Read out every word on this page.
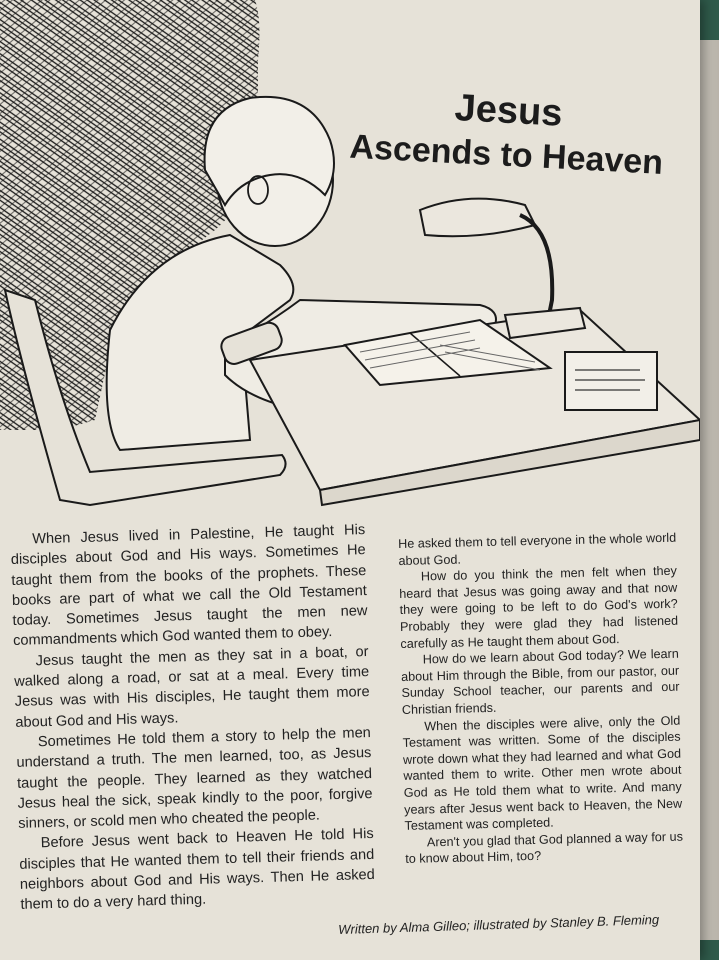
Jesus
Ascends to Heaven

When Jesus lived in Palestine, He taught His disciples about God and His ways. Sometimes He taught them from the books of the prophets. These books are part of what we call the Old Testament today. Sometimes Jesus taught the men new commandments which God wanted them to obey.

Jesus taught the men as they sat in a boat, or walked along a road, or sat at a meal. Every time Jesus was with His disciples, He taught them more about God and His ways.

Sometimes He told them a story to help the men understand a truth. The men learned, too, as Jesus taught the people. They learned as they watched Jesus heal the sick, speak kindly to the poor, forgive sinners, or scold men who cheated the people.

Before Jesus went back to Heaven He told His disciples that He wanted them to tell their friends and neighbors about God and His ways. Then He asked them to do a very hard thing.

He asked them to tell everyone in the whole world about God.

How do you think the men felt when they heard that Jesus was going away and that now they were going to be left to do God's work? Probably they were glad they had listened carefully as He taught them about God.

How do we learn about God today? We learn about Him through the Bible, from our pastor, our Sunday School teacher, our parents and our Christian friends.

When the disciples were alive, only the Old Testament was written. Some of the disciples wrote down what they had learned and what God wanted them to write. Other men wrote about God as He told them what to write. And many years after Jesus went back to Heaven, the New Testament was completed.

Aren't you glad that God planned a way for us to know about Him, too?

Written by Alma Gilleo; illustrated by Stanley B. Fleming
